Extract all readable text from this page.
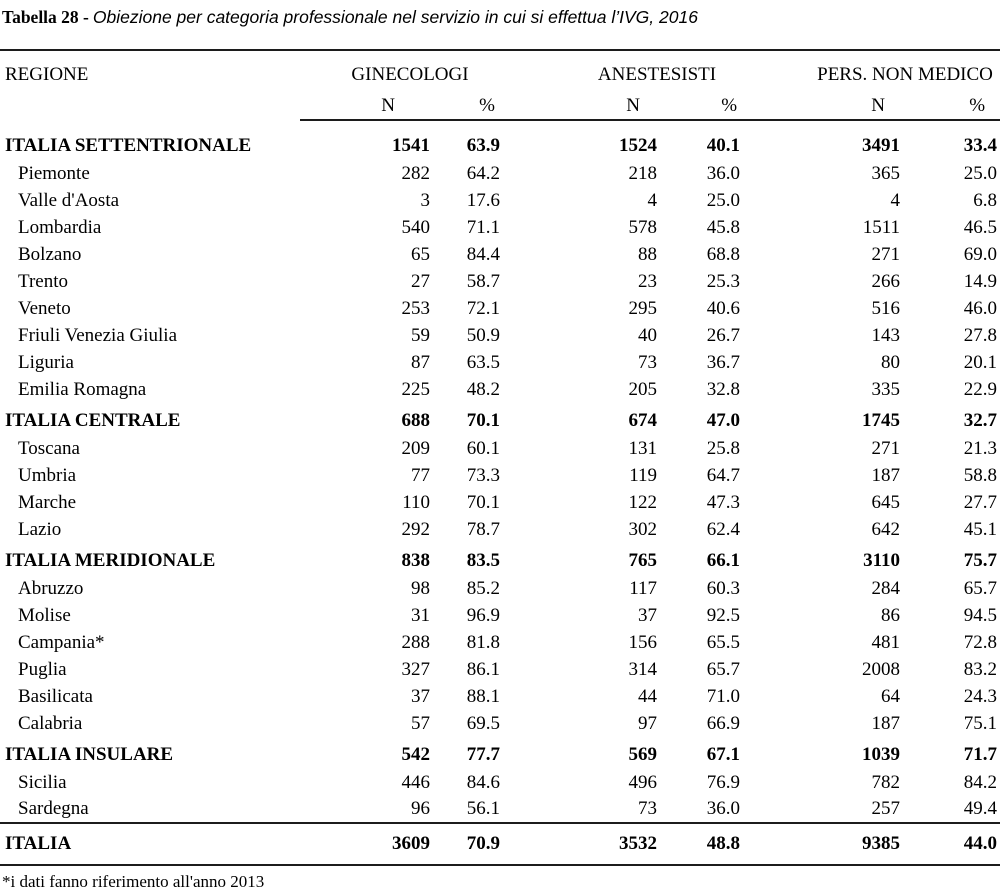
Tabella 28 - Obiezione per categoria professionale nel servizio in cui si effettua l’IVG, 2016
REGIONE	GINECOLOGI		ANESTESISTI		PERS. NON MEDICO	
	N	%	N	%	N	%
ITALIA SETTENTRIONALE	1541	63.9	1524	40.1	3491	33.4
Piemonte	282	64.2	218	36.0	365	25.0
Valle d'Aosta	3	17.6	4	25.0	4	6.8
Lombardia	540	71.1	578	45.8	1511	46.5
Bolzano	65	84.4	88	68.8	271	69.0
Trento	27	58.7	23	25.3	266	14.9
Veneto	253	72.1	295	40.6	516	46.0
Friuli Venezia Giulia	59	50.9	40	26.7	143	27.8
Liguria	87	63.5	73	36.7	80	20.1
Emilia Romagna	225	48.2	205	32.8	335	22.9
ITALIA CENTRALE	688	70.1	674	47.0	1745	32.7
Toscana	209	60.1	131	25.8	271	21.3
Umbria	77	73.3	119	64.7	187	58.8
Marche	110	70.1	122	47.3	645	27.7
Lazio	292	78.7	302	62.4	642	45.1
ITALIA MERIDIONALE	838	83.5	765	66.1	3110	75.7
Abruzzo	98	85.2	117	60.3	284	65.7
Molise	31	96.9	37	92.5	86	94.5
Campania*	288	81.8	156	65.5	481	72.8
Puglia	327	86.1	314	65.7	2008	83.2
Basilicata	37	88.1	44	71.0	64	24.3
Calabria	57	69.5	97	66.9	187	75.1
ITALIA INSULARE	542	77.7	569	67.1	1039	71.7
Sicilia	446	84.6	496	76.9	782	84.2
Sardegna	96	56.1	73	36.0	257	49.4
ITALIA	3609	70.9	3532	48.8	9385	44.0
*i dati fanno riferimento all'anno 2013
